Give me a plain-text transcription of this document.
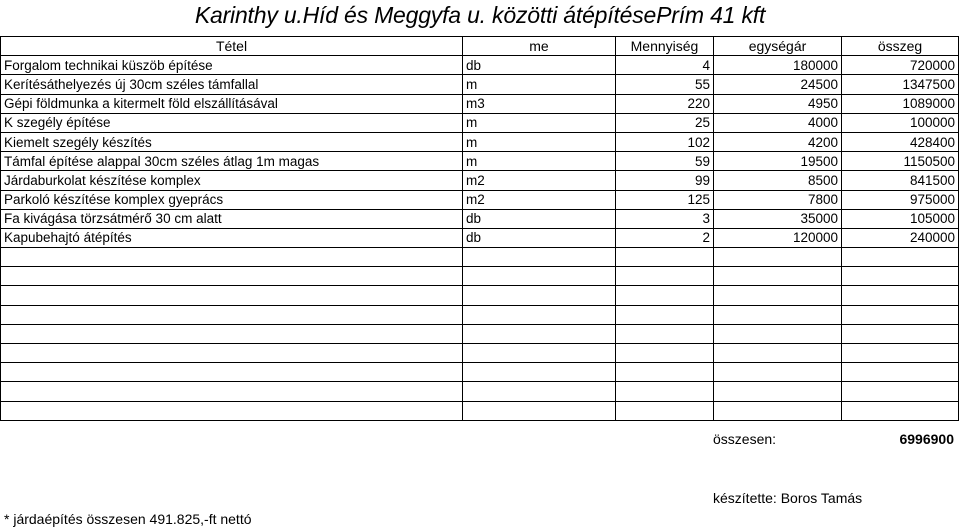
Karinthy u.Híd és Meggyfa u. közötti átépítésePrím 41 kft
Tétel	me	Mennyiség	egységár	összeg
Forgalom technikai küszöb építése	db	4	180000	720000
Kerítésáthelyezés új 30cm széles támfallal	m	55	24500	1347500
Gépi földmunka a kitermelt föld elszállításával	m3	220	4950	1089000
K szegély építése	m	25	4000	100000
Kiemelt szegély készítés	m	102	4200	428400
Támfal építése alappal 30cm széles átlag 1m magas	m	59	19500	1150500
Járdaburkolat készítése komplex	m2	99	8500	841500
Parkoló készítése komplex gyeprács	m2	125	7800	975000
Fa kivágása törzsátmérő 30 cm alatt	db	3	35000	105000
Kapubehajtó átépítés	db	2	120000	240000

összesen:	6996900
készítette: Boros Tamás
* járdaépítés összesen 491.825,-ft nettó
